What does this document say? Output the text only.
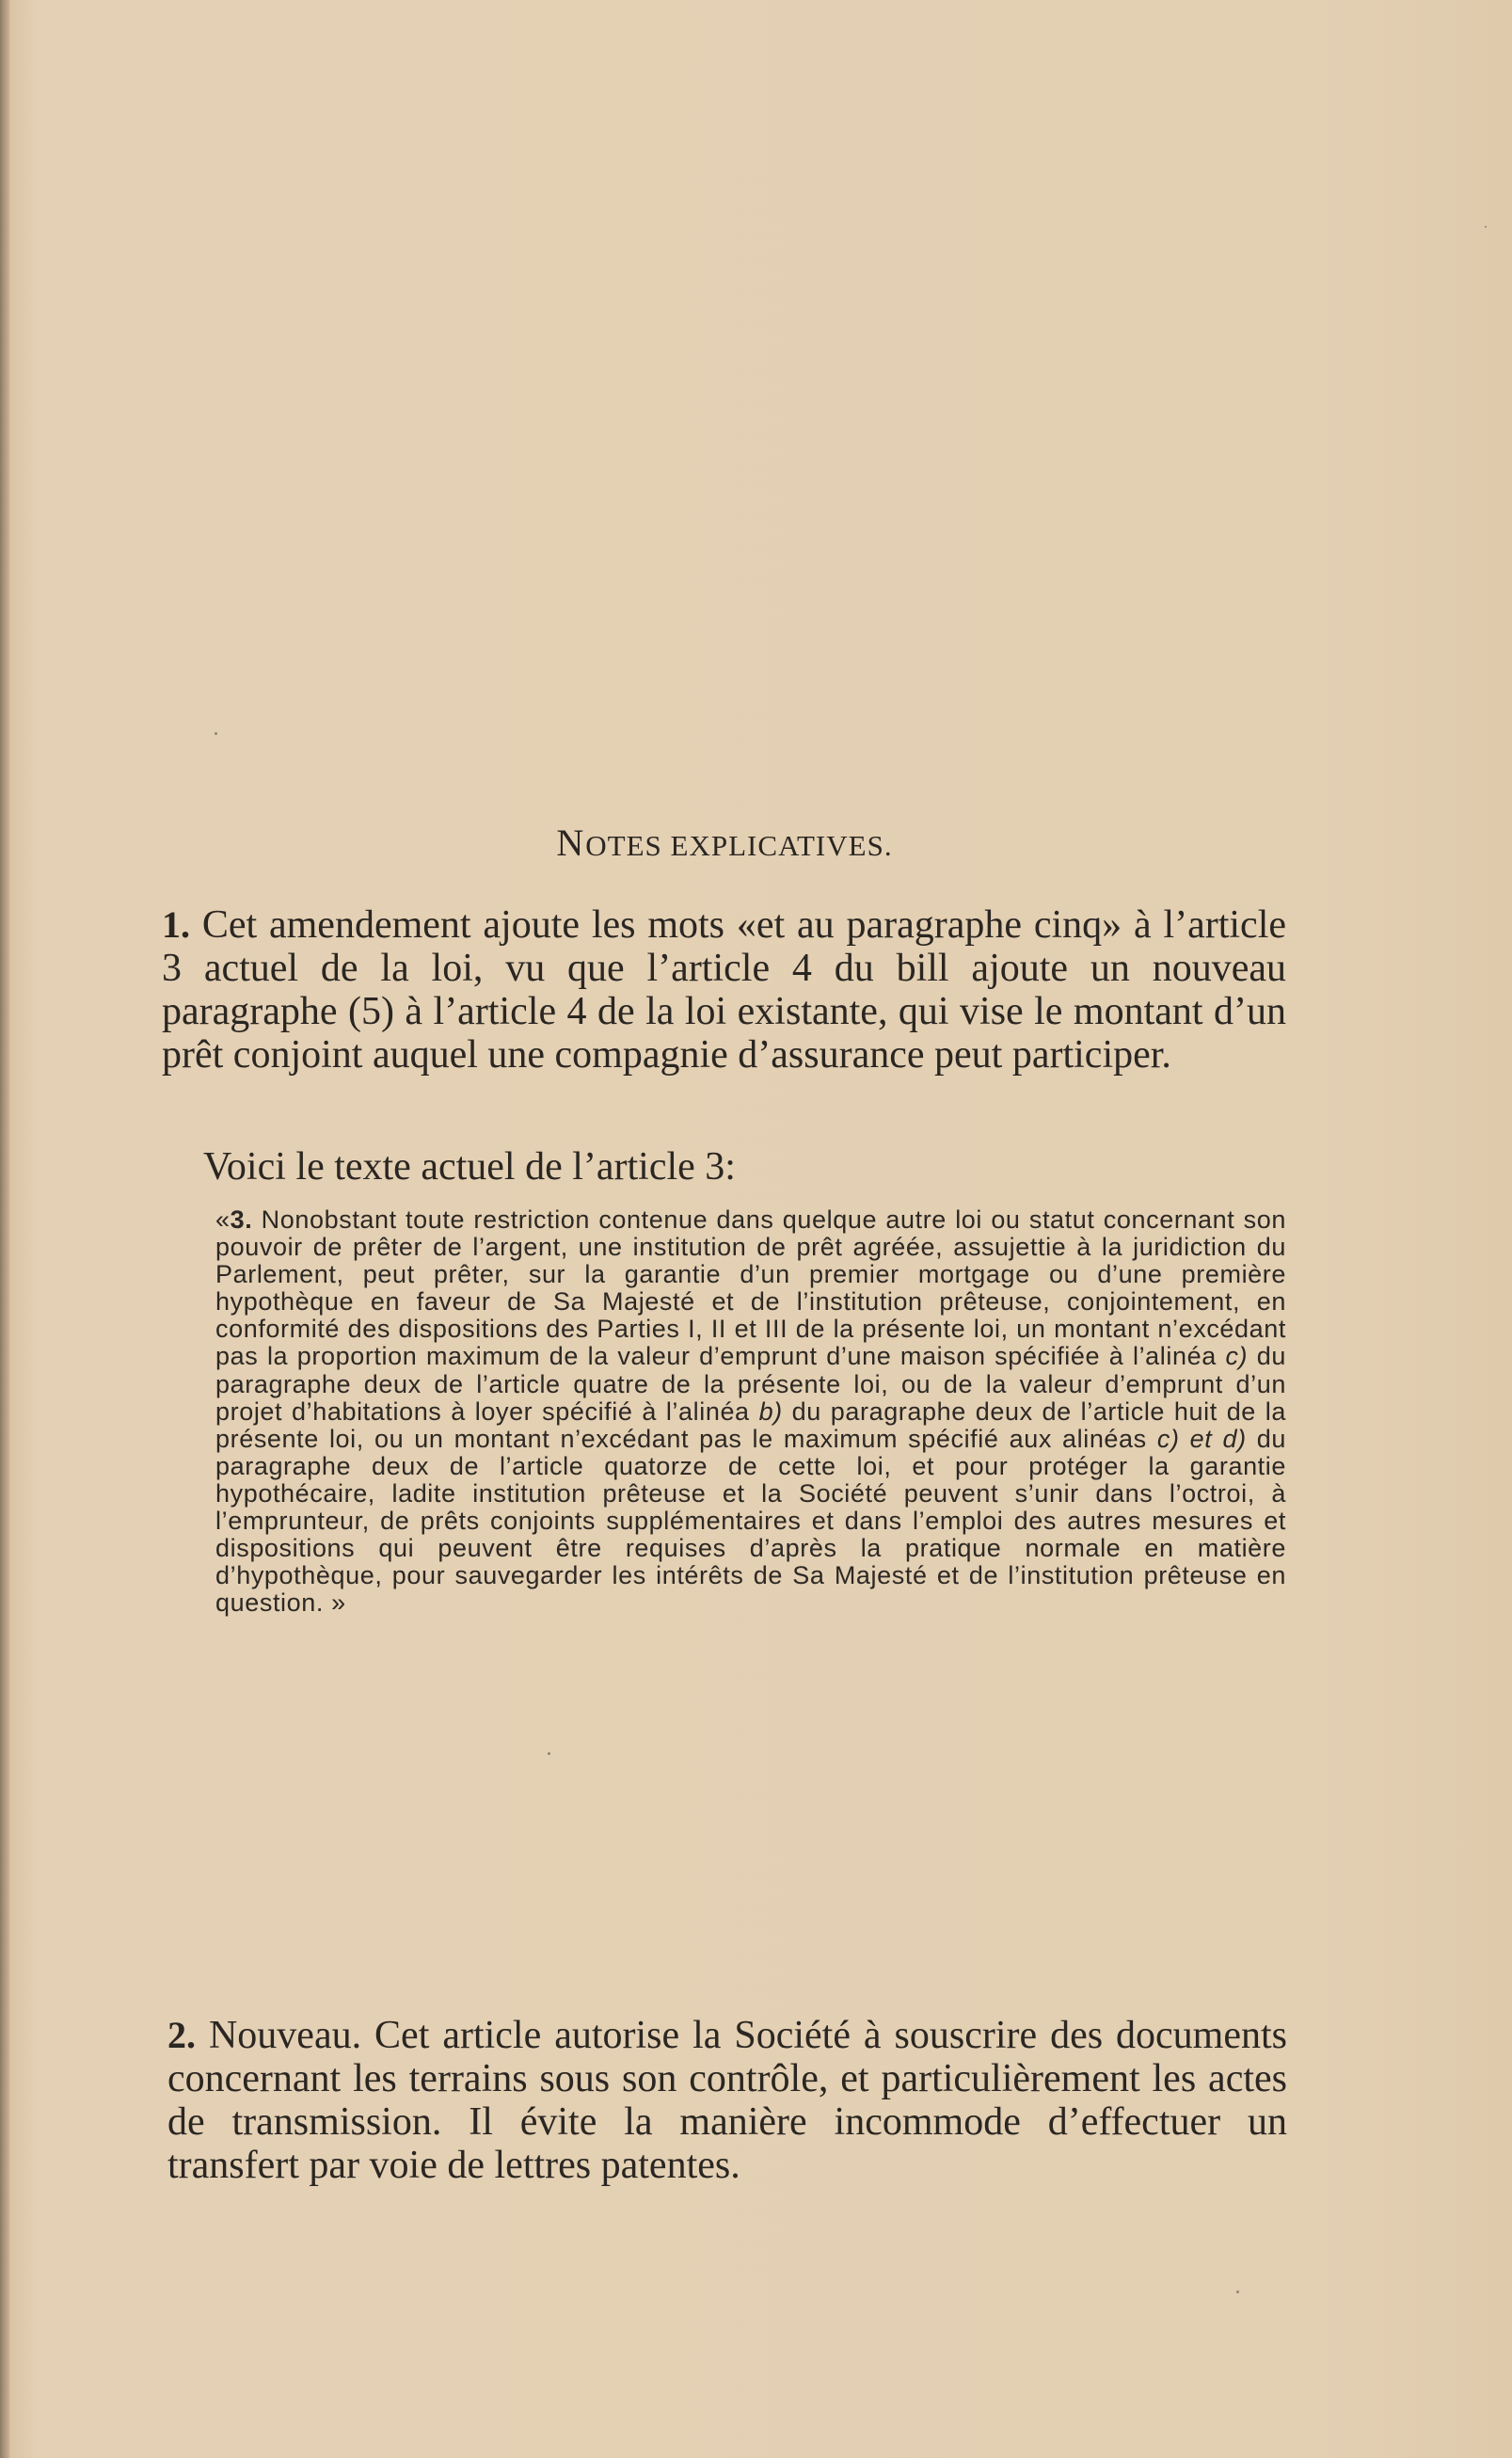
NOTES EXPLICATIVES.

1. Cet amendement ajoute les mots «et au paragraphe cinq» à l’article 3 actuel de la loi, vu que l’article 4 du bill ajoute un nouveau paragraphe (5) à l’article 4 de la loi existante, qui vise le montant d’un prêt conjoint auquel une compagnie d’assurance peut participer.

Voici le texte actuel de l’article 3:

«3. Nonobstant toute restriction contenue dans quelque autre loi ou statut concernant son pouvoir de prêter de l’argent, une institution de prêt agréée, assujettie à la juridiction du Parlement, peut prêter, sur la garantie d’un premier mortgage ou d’une première hypothèque en faveur de Sa Majesté et de l’institution prêteuse, conjointement, en conformité des dispositions des Parties I, II et III de la présente loi, un montant n’excédant pas la proportion maximum de la valeur d’emprunt d’une maison spécifiée à l’alinéa c) du paragraphe deux de l’article quatre de la présente loi, ou de la valeur d’emprunt d’un projet d’habitations à loyer spécifié à l’alinéa b) du paragraphe deux de l’article huit de la présente loi, ou un montant n’excédant pas le maximum spécifié aux alinéas c) et d) du paragraphe deux de l’article quatorze de cette loi, et pour protéger la garantie hypothécaire, ladite institution prêteuse et la Société peuvent s’unir dans l’octroi, à l’emprunteur, de prêts conjoints supplémentaires et dans l’emploi des autres mesures et dispositions qui peuvent être requises d’après la pratique normale en matière d’hypothèque, pour sauvegarder les intérêts de Sa Majesté et de l’institution prêteuse en question. »

2. Nouveau. Cet article autorise la Société à souscrire des documents concernant les terrains sous son contrôle, et particulièrement les actes de transmission. Il évite la manière incommode d’effectuer un transfert par voie de lettres patentes.
